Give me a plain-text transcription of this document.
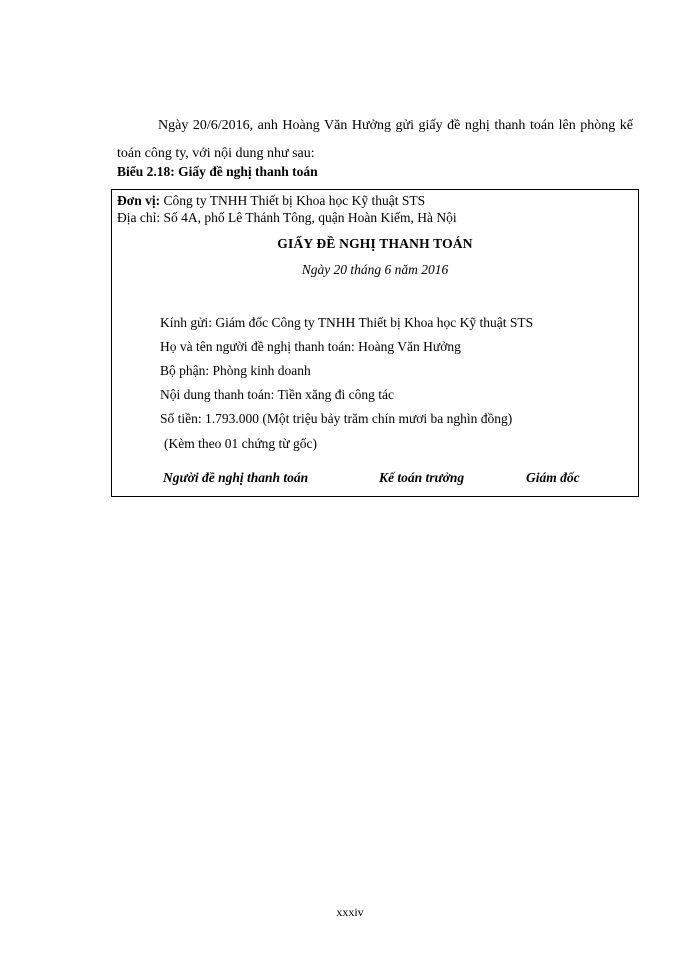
Ngày 20/6/2016, anh Hoàng Văn Hưởng gửi giấy đề nghị thanh toán lên phòng kế toán công ty, với nội dung như sau:

Biểu 2.18: Giấy đề nghị thanh toán
Đơn vị: Công ty TNHH Thiết bị Khoa học Kỹ thuật STS
Địa chỉ: Số 4A, phố Lê Thánh Tông, quận Hoàn Kiếm, Hà Nội
GIẤY ĐỀ NGHỊ THANH TOÁN
Ngày 20 tháng 6 năm 2016
Kính gửi: Giám đốc Công ty TNHH Thiết bị Khoa học Kỹ thuật STS
Họ và tên người đề nghị thanh toán: Hoàng Văn Hưởng
Bộ phận: Phòng kinh doanh
Nội dung thanh toán: Tiền xăng đi công tác
Số tiền: 1.793.000 (Một triệu bảy trăm chín mươi ba nghìn đồng)
(Kèm theo 01 chứng từ gốc)
Người đề nghị thanh toán	Kế toán trưởng	Giám đốc
xxxiv
